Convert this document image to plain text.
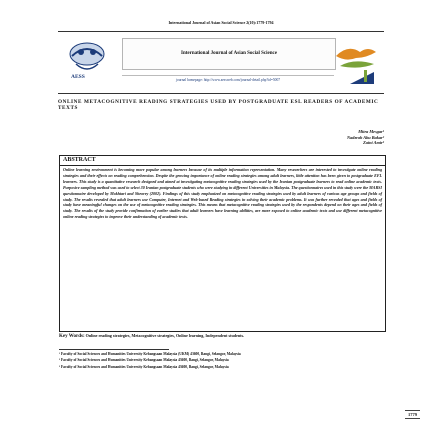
International Journal of Asian Social Science 2(10):1779-1794
AESS
International Journal of Asian Social Science
journal homepage: http://www.aessweb.com/journal-detail.php?id=5007
ONLINE METACOGNITIVE READING STRATEGIES USED BY POSTGRADUATE ESL READERS OF ACADEMIC TEXTS
Mitra Mesgar¹
Nadzrah Abu Bakar²
Zaini Amir³
ABSTRACT
Online learning environment is becoming more popular among learners because of its multiple information representation. Many researchers are interested to investigate online reading strategies and their effects on reading comprehension. Despite the growing importance of online reading strategies among adult learners, little attention has been given to postgraduate EFL learners. This study is a quantitative research designed and aimed at investigating metacognitive reading strategies used by the Iranian postgraduate learners to read online academic texts. Purposive sampling method was used to select 30 Iranian postgraduate students who were studying in different Universities in Malaysia. The questionnaires used in this study were the MARSI questionnaire developed by Mokhtari and Sheorey (2002). Findings of this study emphasized on metacognitive reading strategies used by adult learners of various age groups and fields of study. The results revealed that adult learners use Computer, Internet and Web-based Reading strategies in solving their academic problems. It was further revealed that ages and fields of study have meaningful changes on the use of metacognitive reading strategies. This means that metacognitive reading strategies used by the respondents depend on their ages and fields of study. The results of the study provide confirmation of earlier studies that adult learners have learning abilities, are more exposed to online academic texts and use different metacognitive online reading strategies to improve their understanding of academic texts.
Key Words: Online reading strategies, Metacognitive strategies, Online learning, Independent students.
¹ Faculty of Social Sciences and Humanities University Kebangsaan Malaysia (UKM) 43600, Bangi, Selangor, Malaysia
² Faculty of Social Sciences and Humanities University Kebangsaan Malaysia 43600, Bangi, Selangor, Malaysia
³ Faculty of Social Sciences and Humanities University Kebangsaan Malaysia 43600, Bangi, Selangor, Malaysia
1779
